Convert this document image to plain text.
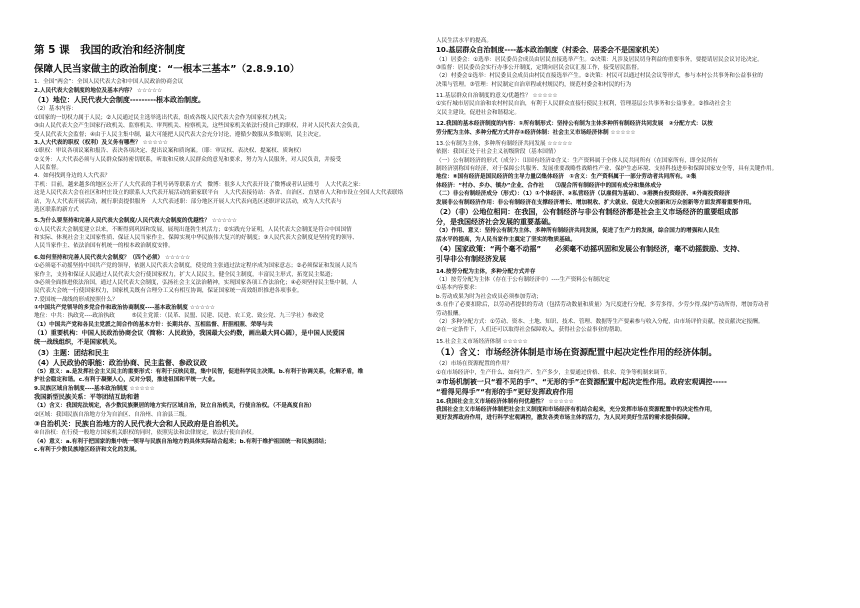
第 5 课　我国的政治和经济制度

保障人民当家做主的政治制度：“一根本三基本”（2.8.9.10）

1．全国“两会”：全国人民代表大会和中国人民政治协商会议

2.人民代表大会制度的地位及基本内容？ ☆☆☆☆☆

（1）地位：人民代表大会制度---------根本政治制度。

（2）基本内容：

①国家的一切权力属于人民；②人民通过民主选举选出代表，组成各级人民代表大会作为国家权力机关；

③由人民代表大会产生国家行政机关、监察机关、审判机关、检察机关，这些国家机关依法行使自己的职权，并对人民代表大会负责，

受人民代表大会监督；④由于人民主集中制，最大可能把人民代表大会充分讨论，遵循少数服从多数原则，民主决定。

3.人大代表的职权（权利）及义务有哪些？ ☆☆☆☆☆

①职权：审议各项议案和报告、表决各项决定、提出议案和质询案。（耶：审议权、表决权、提案权、质询权）

②义务：人大代表必须与人民群众保持密切联系，听取和反映人民群众的意见和要求，努力为人民服务，对人民负责，并接受

人民监督。

4．如何找到身边的人大代表？

手机：目前，越来越多的地区公开了人大代表的手机号码等联系方式　微博：很多人大代表开设了微博或者认证账号　人大代表之家：

这是人民代表大会在社区和村庄设立的联系人大代表开展活动的新家联平台　人大代表接待站：各省、自治区、直辖市人大和市设立全国人大代表联络

站，为人大代表开展活动，履行职责提供服务　人大代表述职：部分地区开展人大代表向选区述职评议活动，成为人大代表与

选区联系的新方式

5.为什么要坚持和完善人民代表大会制度/人民代表大会制度的优越性？ ☆☆☆☆☆

①人民代表大会制度建立以来，不断得到巩固和发展，展现出蓬勃生机活力；②实践充分证明，人民代表大会制度是符合中国国情

和实际、体现社会主义国家性质、保证人民当家作主、保障实现中华民族伟大复兴的好制度；③人民代表大会制度是坚持党的领导、

人民当家作主、依法治国有机统一的根本政治制度安排。

6.如何坚持和完善人民代表大会制度？（四个必须） ☆☆☆☆☆

①必须毫不动摇坚持中国共产党的领导，依据人民代表大会制度，使党的主张通过法定程序成为国家意志；②必须保证和发展人民当

家作主，支持和保证人民通过人民代表大会行使国家权力，扩大人民民主，健全民主制度，丰富民主形式，拓宽民主渠道；

③必须全面推进依法治国，通过人民代表大会制度，弘扬社会主义法治精神，实现国家各项工作法治化；④必须坚持民主集中制，人

民代表大会统一行使国家权力，国家机关既有合理分工又有相互协调，保证国家统一高效组织推进各项事业。

7.爱国统一战线的形成按照什么？

①中国共产党领导的多党合作和政治协商制度----基本政治制度 ☆☆☆☆☆

地位：中共：执政党----政治执政　　　⑤民主党派：（民革、民盟、民建、民进、农工党、致公党、九三学社）参政党

（1）中国共产党和各民主党派之间合作的基本方针：长期共存、互相监督、肝胆相照、荣辱与共

（1）重要机构：中国人民政治协商会议（简称：人民政协，我国最大公约数，画出最大同心圆），是中国人民爱国

统一战线组织，不是国家机关。

（3）主题：团结和民主

（4）人民政协的职能：政治协商、民主监督、参政议政

（5）意义：a.是发挥社会主义民主的重要形式：有利于反映民意，集中民智，促进科学民主决策。b.有利于协调关系，化解矛盾，维

护社会稳定和谐。c.有利于凝聚人心，反对分裂，推进祖国和平统一大业。

9.民族区域自治制度----基本政治制度 ☆☆☆☆☆

我国新型民族关系：平等团结互助和谐

（1）含义：我国宪法规定，各少数民族聚居的地方实行区域自治，设立自治机关，行使自治权。（不是高度自治）

②区域：我国民族自治地方分为自治区、自治州、自治县三级。

③自治机关：民族自治地方的人民代表大会和人民政府是自治机关。

④自治权：在行使一般地方国家机关职权的同时，依照宪法和法律规定，依法行使自治权。

（4）意义：a.有利于把国家的集中统一领导与民族自治地方的具体实际结合起来；b.有利于维护祖国统一和民族团结；

c.有利于少数民族地区经济和文化的发展。

人民生活水平的提高。

10.基层群众自治制度----基本政治制度（村委会、居委会不是国家机关）

（1）居委会：①选举：居民委员会成员由居民直接选举产生。②决策：凡涉及居民切身利益的重要事务，要提请居民会议讨论决定。

③监督：居民委员会实行办事公开制度，定期向居民会议汇报工作，接受居民监督。

（2）村委会①选举：村民委员会成员由村民直接选举产生。②决策：村民可以通过村民会议等形式，参与本村公共事务和公益事业的

决策与管理。③管理：村民制定自治章程或村规民约，规范村委会和村民的行为

11.基层群众自治制度的意义/优越性？ ☆☆☆☆☆

①实行城市居民自治和农村村民自治，有利于人民群众直接行使民主权利，管理基层公共事务和公益事业。②推动社会主

义民主建设，促进社会和谐稳定。

12.我国的基本经济制度的内容：①所有制形式：坚持公有制为主体多种所有制经济共同发展　②分配方式：以按

劳分配为主体、多种分配方式并存③经济体制：社会主义市场经济体制 ☆☆☆☆☆

13.公有制为主体，多种所有制经济共同发展 ☆☆☆☆☆

依据：我国正处于社会主义初级阶段（基本国情）

（一）公有制经济的形式（成分）：⑴国有经济②含义：生产资料属于全体人民共同所有（在国家所有，即全民所有

制经济别称国有经济，对于保障公共服务、发展重要战略性战略性产业、保护生态环境、支持科技进步和保障国家安全等，具有关键作用。

地位：⑧国有经济是国民经济的主导力量⑵集体经济　①含义：生产资料属于一部分劳动者共同所有。②集

体经济：“村办、乡办、镇办”企业、合作社　　⑶混合所有制经济中的国有成分和集体成分

（二）非公有制经济成分（形式）：（1）①个体经济、②私营经济（以雇佣为基础）、③港澳台投资经济、④外商投资经济

发展非公有制经济作用：非公有制经济在支撑经济增长、增加税收、扩大就业、促进大众创新和万众创新等方面发挥着重要作用。

（2）（非）公地位相同：在我国，公有制经济与非公有制经济都是社会主义市场经济的重要组成部

分，是我国经济社会发展的重要基础。

（3）作用、意义：坚持公有制为主体、多种所有制经济共同发展，促进了生产力的发展，综合国力的增强和人民生

活水平的提高，为人民当家作主奠定了坚实的物质基础。

（4）国家政策：“两个毫不动摇”　　必须毫不动摇巩固和发展公有制经济，毫不动摇鼓励、支持、

引导非公有制经济发展

14.按劳分配为主体，多种分配方式并存

（1）按劳分配为主体（存在于公有制经济中）----生产资料公有制决定

①基本内容要求：

b.劳动成果为时为社会成员必须参加劳动；

⑤.在作了必要扣除后，以劳动者提供的劳动（包括劳动数量和质量）为尺度进行分配，多劳多得，少劳少得,保护劳动所得，增加劳动者

劳动报酬。

（2）多种分配方式：①劳动、资本、土地、知识、技术、管理、数据等生产要素参与收入分配，由市场评价贡献，按贡献决定报酬。

②在一定条件下，人们还可以取得社会保障收入，获得社会公益事业的帮助。

15.社会主义市场经济体制 ☆☆☆☆☆

（1）含义：市场经济体制是市场在资源配置中起决定性作用的经济体制。

（2）市场在资源配置的作用？

①在市场经济中，生产什么、如何生产、生产多少，主要通过价格、供求、竞争等机制来调节。

②市场机制被一只“看不见的手”、“无形的手”在资源配置中起决定性作用。政府宏观调控-----

“看得见得手”“有形的手”更好发挥政府作用

16.我国社会主义市场经济体制有何优越性？ ☆☆☆☆☆

我国社会主义市场经济体制把社会主义制度和市场经济有机结合起来，充分发挥市场在资源配置中的决定性作用，

更好发挥政府作用，进行科学宏观调控，激发各类市场主体的活力，为人民对美好生活的需求提供保障。
